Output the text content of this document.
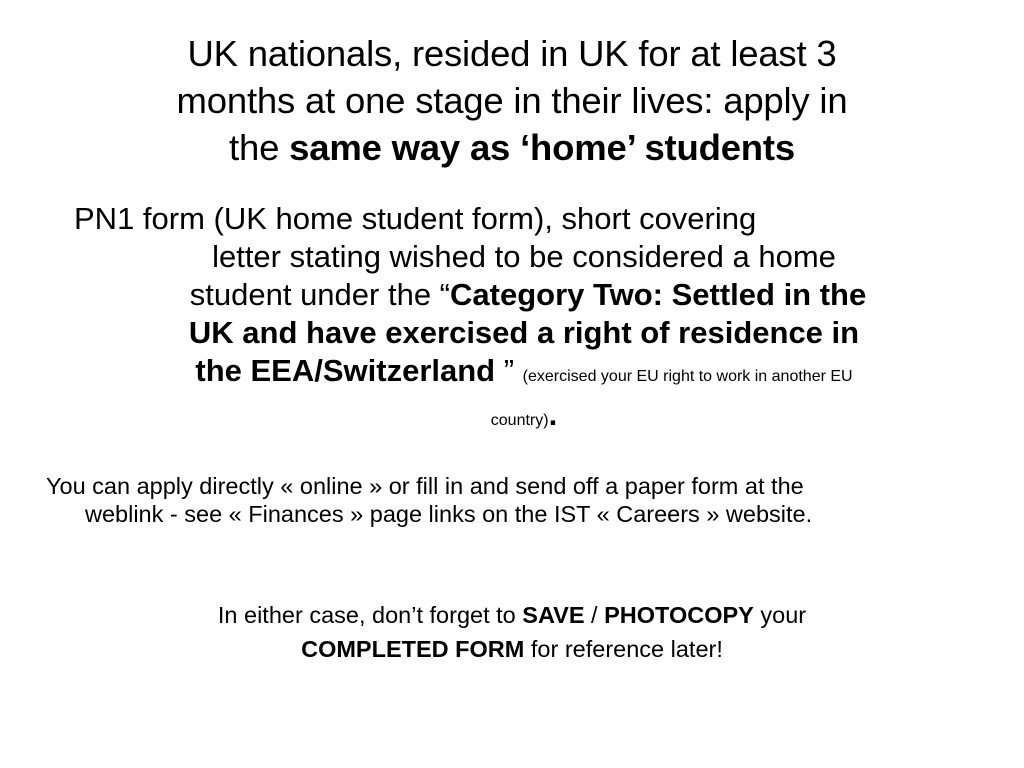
UK nationals, resided in UK for at least 3
months at one stage in their lives: apply in
the same way as ‘home’ students
PN1 form (UK home student form), short covering
letter stating wished to be considered a home
student under the “Category Two: Settled in the
UK and have exercised a right of residence in
the EEA/Switzerland ” (exercised your EU right to work in another EU
country).
You can apply directly « online » or fill in and send off a paper form at the
weblink - see « Finances » page links on the IST « Careers » website.
In either case, don’t forget to SAVE / PHOTOCOPY your
COMPLETED FORM for reference later!
